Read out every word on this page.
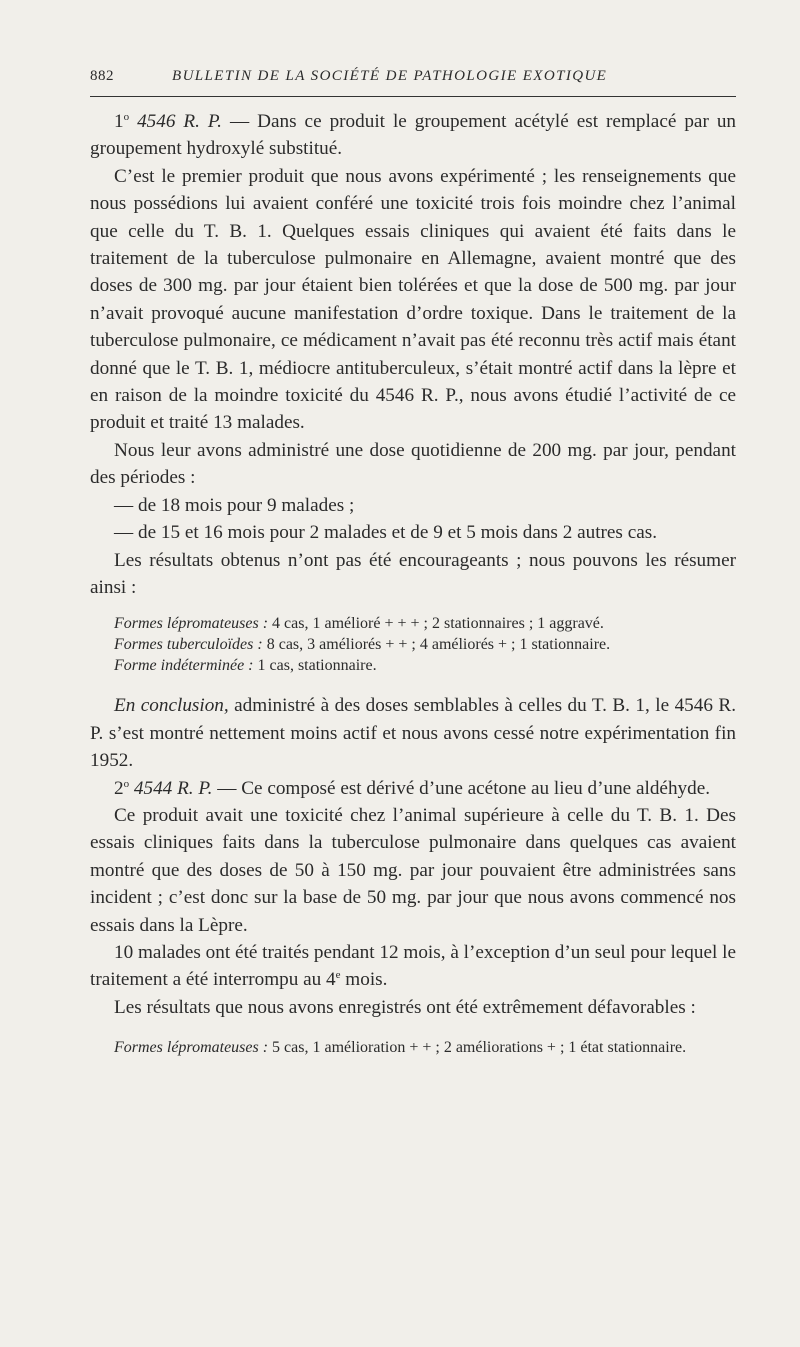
882	BULLETIN DE LA SOCIÉTÉ DE PATHOLOGIE EXOTIQUE

1$^o$ 4546 R. P. — Dans ce produit le groupement acétylé est remplacé par un groupement hydroxylé substitué.

C’est le premier produit que nous avons expérimenté ; les renseignements que nous possédions lui avaient conféré une toxicité trois fois moindre chez l’animal que celle du T. B. 1. Quelques essais cliniques qui avaient été faits dans le traitement de la tuberculose pulmonaire en Allemagne, avaient montré que des doses de 300 mg. par jour étaient bien tolérées et que la dose de 500 mg. par jour n’avait provoqué aucune manifestation d’ordre toxique. Dans le traitement de la tuberculose pulmonaire, ce médicament n’avait pas été reconnu très actif mais étant donné que le T. B. 1, médiocre antituberculeux, s’était montré actif dans la lèpre et en raison de la moindre toxicité du 4546 R. P., nous avons étudié l’activité de ce produit et traité 13 malades.

Nous leur avons administré une dose quotidienne de 200 mg. par jour, pendant des périodes :

— de 18 mois pour 9 malades ;

— de 15 et 16 mois pour 2 malades et de 9 et 5 mois dans 2 autres cas.

Les résultats obtenus n’ont pas été encourageants ; nous pouvons les résumer ainsi :

Formes lépromateuses : 4 cas, 1 amélioré + + + ; 2 stationnaires ; 1 aggravé.

Formes tuberculoïdes : 8 cas, 3 améliorés + + ; 4 améliorés + ; 1 stationnaire.

Forme indéterminée : 1 cas, stationnaire.

En conclusion, administré à des doses semblables à celles du T. B. 1, le 4546 R. P. s’est montré nettement moins actif et nous avons cessé notre expérimentation fin 1952.

2$^o$ 4544 R. P. — Ce composé est dérivé d’une acétone au lieu d’une aldéhyde.

Ce produit avait une toxicité chez l’animal supérieure à celle du T. B. 1. Des essais cliniques faits dans la tuberculose pulmonaire dans quelques cas avaient montré que des doses de 50 à 150 mg. par jour pouvaient être administrées sans incident ; c’est donc sur la base de 50 mg. par jour que nous avons commencé nos essais dans la Lèpre.

10 malades ont été traités pendant 12 mois, à l’exception d’un seul pour lequel le traitement a été interrompu au 4e mois.

Les résultats que nous avons enregistrés ont été extrêmement défavorables :

Formes lépromateuses : 5 cas, 1 amélioration + + ; 2 améliorations + ; 1 état stationnaire.
